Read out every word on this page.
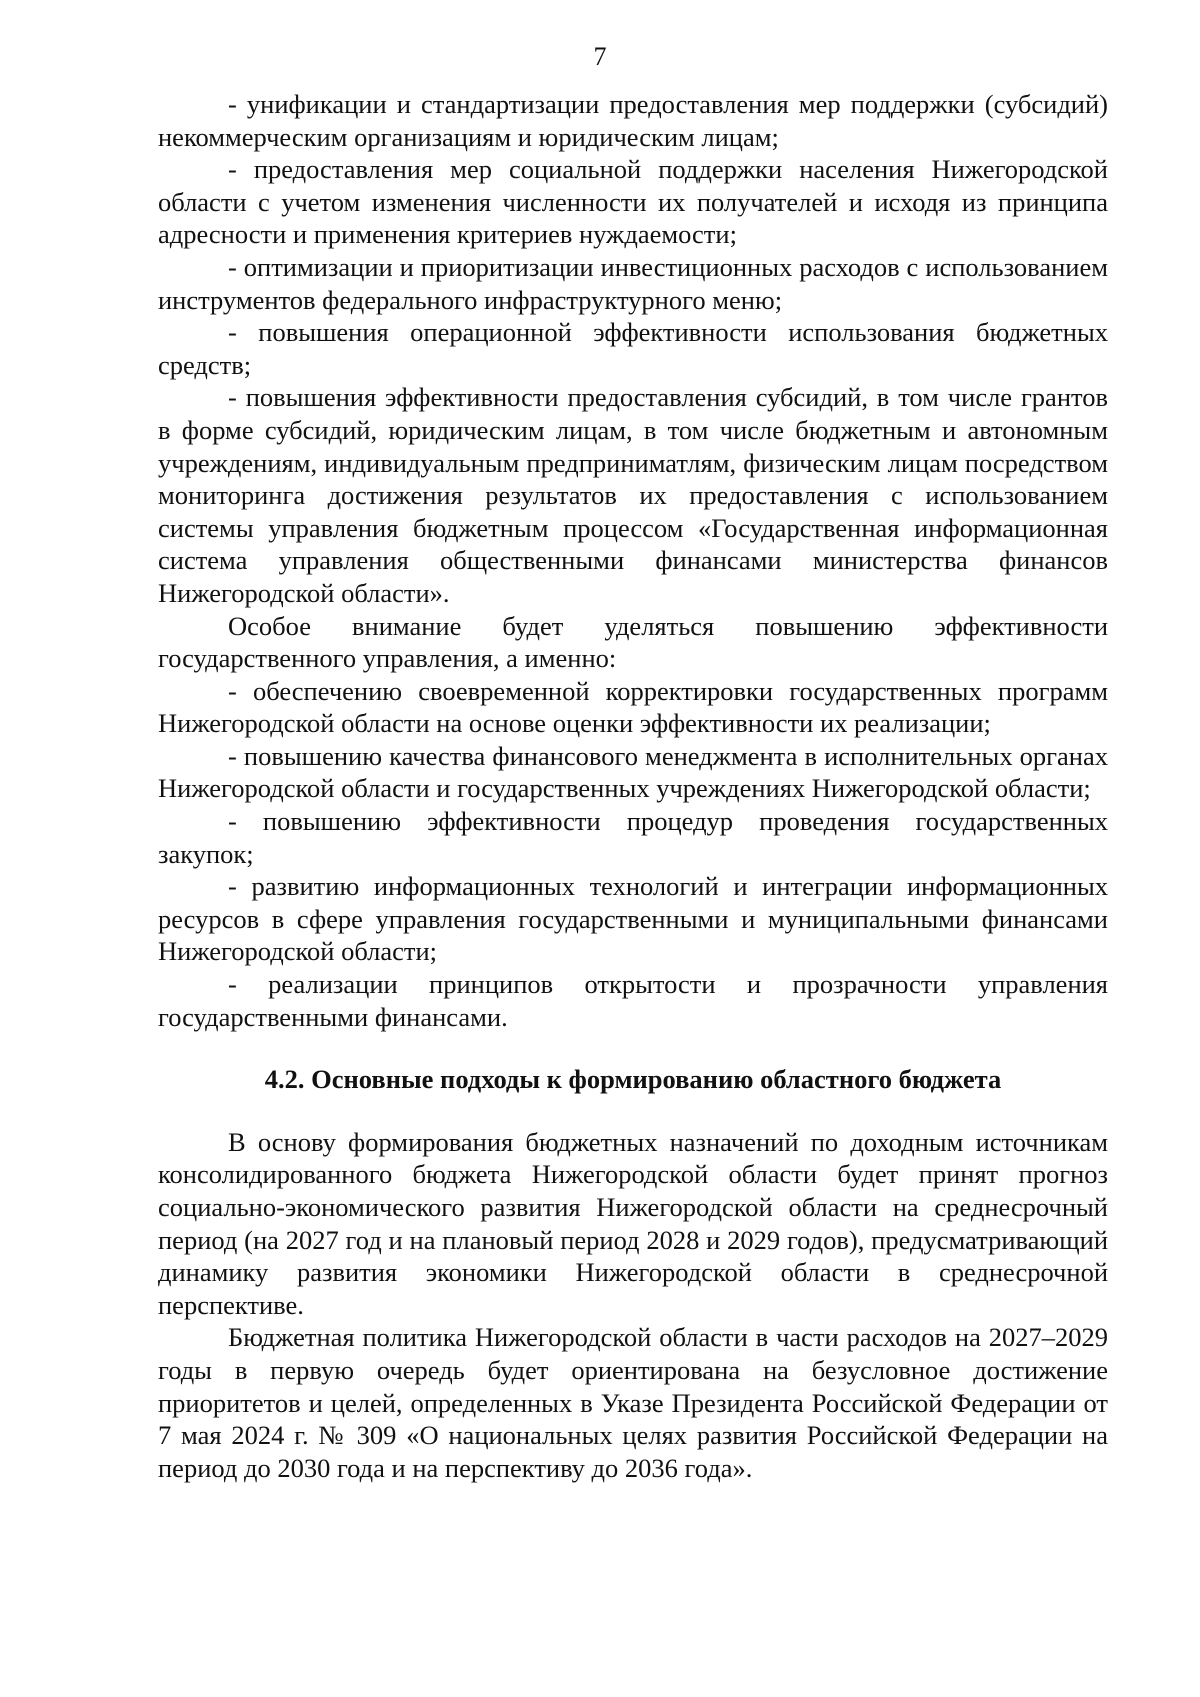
7

- унификации и стандартизации предоставления мер поддержки (субсидий) некоммерческим организациям и юридическим лицам;

- предоставления мер социальной поддержки населения Нижегородской области с учетом изменения численности их получателей и исходя из принципа адресности и применения критериев нуждаемости;

- оптимизации и приоритизации инвестиционных расходов с использованием инструментов федерального инфраструктурного меню;

- повышения операционной эффективности использования бюджетных средств;

- повышения эффективности предоставления субсидий, в том числе грантов в форме субсидий, юридическим лицам, в том числе бюджетным и автономным учреждениям, индивидуальным предприниматлям, физическим лицам посредством мониторинга достижения результатов их предоставления с использованием системы управления бюджетным процессом «Государственная информационная система управления общественными финансами министерства финансов Нижегородской области».

Особое внимание будет уделяться повышению эффективности государственного управления, а именно:

- обеспечению своевременной корректировки государственных программ Нижегородской области на основе оценки эффективности их реализации;

- повышению качества финансового менеджмента в исполнительных органах Нижегородской области и государственных учреждениях Нижегородской области;

- повышению эффективности процедур проведения государственных закупок;

- развитию информационных технологий и интеграции информационных ресурсов в сфере управления государственными и муниципальными финансами Нижегородской области;

- реализации принципов открытости и прозрачности управления государственными финансами.

4.2. Основные подходы к формированию областного бюджета

В основу формирования бюджетных назначений по доходным источникам консолидированного бюджета Нижегородской области будет принят прогноз социально-экономического развития Нижегородской области на среднесрочный период (на 2027 год и на плановый период 2028 и 2029 годов), предусматривающий динамику развития экономики Нижегородской области в среднесрочной перспективе.

Бюджетная политика Нижегородской области в части расходов на 2027–2029 годы в первую очередь будет ориентирована на безусловное достижение приоритетов и целей, определенных в Указе Президента Российской Федерации от 7 мая 2024 г. № 309 «О национальных целях развития Российской Федерации на период до 2030 года и на перспективу до 2036 года».
